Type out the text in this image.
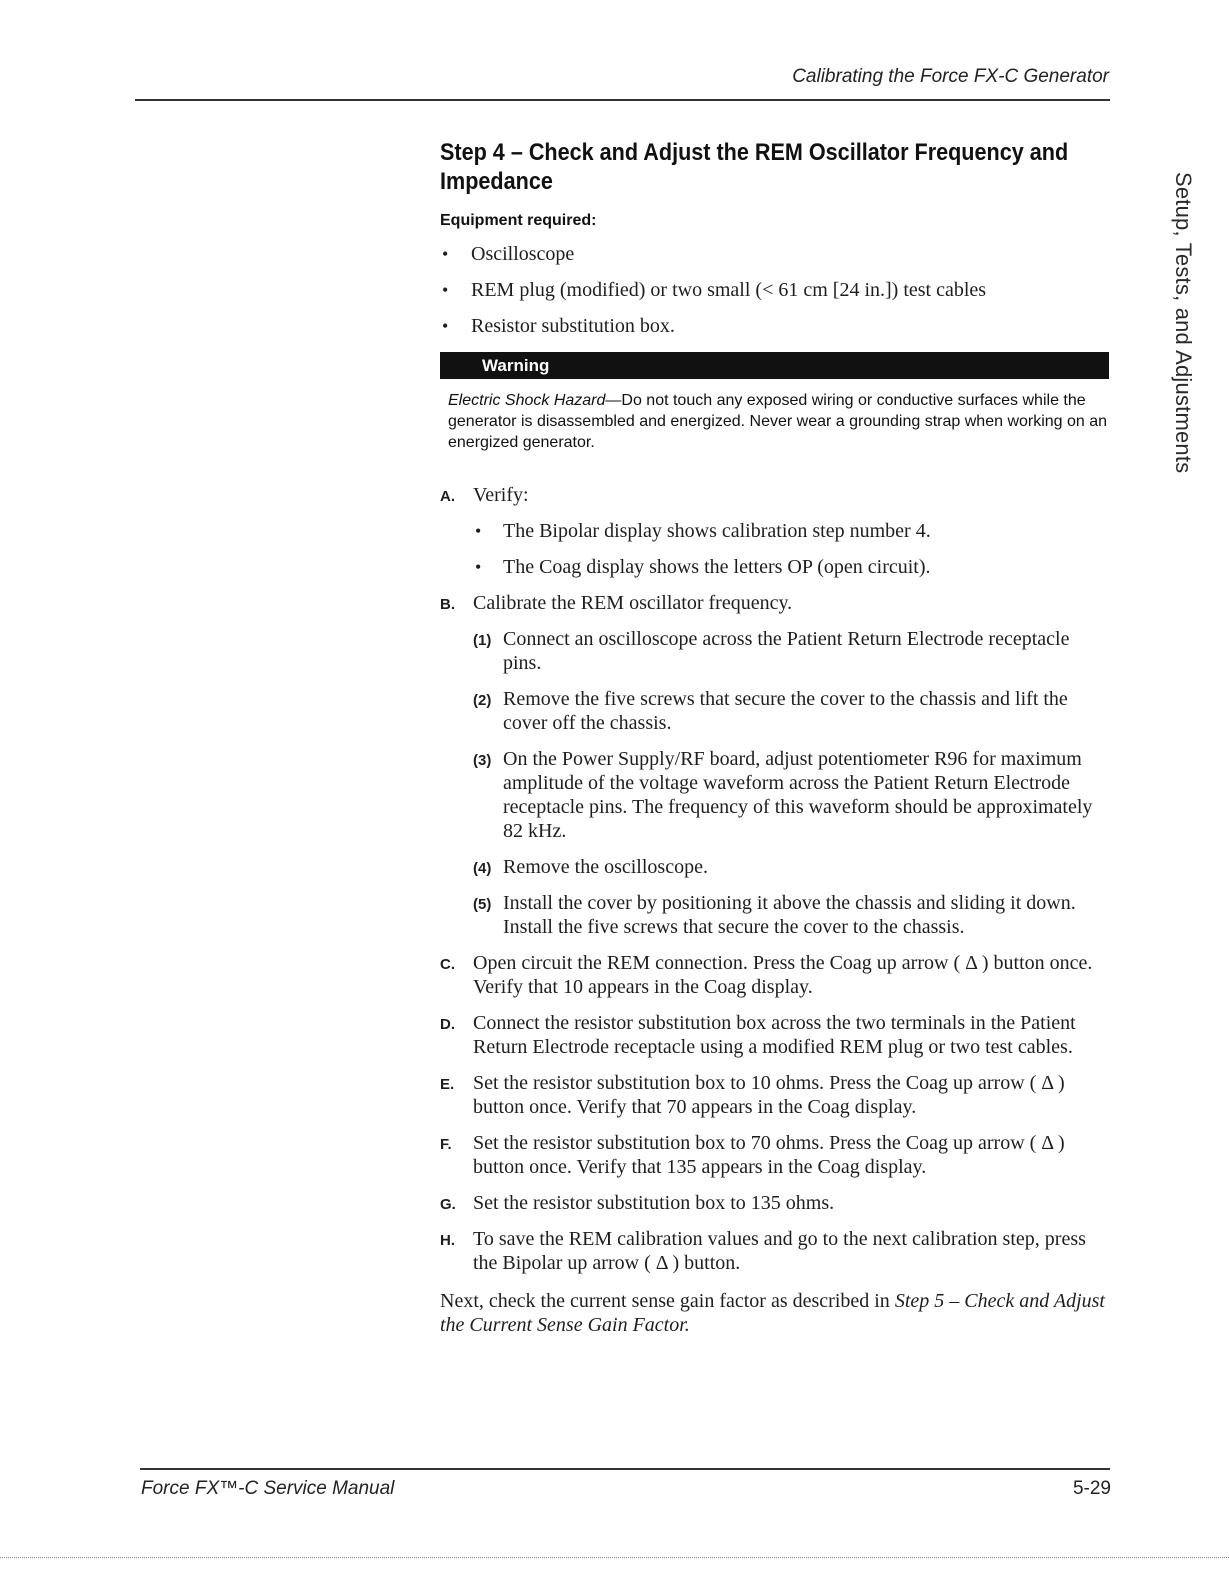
Calibrating the Force FX-C Generator
Setup, Tests, and Adjustments
Step 4 – Check and Adjust the REM Oscillator Frequency and Impedance
Equipment required:
• Oscilloscope
• REM plug (modified) or two small (< 61 cm [24 in.]) test cables
• Resistor substitution box.
Warning
Electric Shock Hazard—Do not touch any exposed wiring or conductive surfaces while the generator is disassembled and energized. Never wear a grounding strap when working on an energized generator.
A. Verify:
• The Bipolar display shows calibration step number 4.
• The Coag display shows the letters OP (open circuit).
B. Calibrate the REM oscillator frequency.
(1) Connect an oscilloscope across the Patient Return Electrode receptacle pins.
(2) Remove the five screws that secure the cover to the chassis and lift the cover off the chassis.
(3) On the Power Supply/RF board, adjust potentiometer R96 for maximum amplitude of the voltage waveform across the Patient Return Electrode receptacle pins. The frequency of this waveform should be approximately 82 kHz.
(4) Remove the oscilloscope.
(5) Install the cover by positioning it above the chassis and sliding it down. Install the five screws that secure the cover to the chassis.
C. Open circuit the REM connection. Press the Coag up arrow ( Δ ) button once. Verify that 10 appears in the Coag display.
D. Connect the resistor substitution box across the two terminals in the Patient Return Electrode receptacle using a modified REM plug or two test cables.
E. Set the resistor substitution box to 10 ohms. Press the Coag up arrow ( Δ ) button once. Verify that 70 appears in the Coag display.
F. Set the resistor substitution box to 70 ohms. Press the Coag up arrow ( Δ ) button once. Verify that 135 appears in the Coag display.
G. Set the resistor substitution box to 135 ohms.
H. To save the REM calibration values and go to the next calibration step, press the Bipolar up arrow ( Δ ) button.
Next, check the current sense gain factor as described in Step 5 – Check and Adjust the Current Sense Gain Factor.
Force FX™-C Service Manual	5-29
